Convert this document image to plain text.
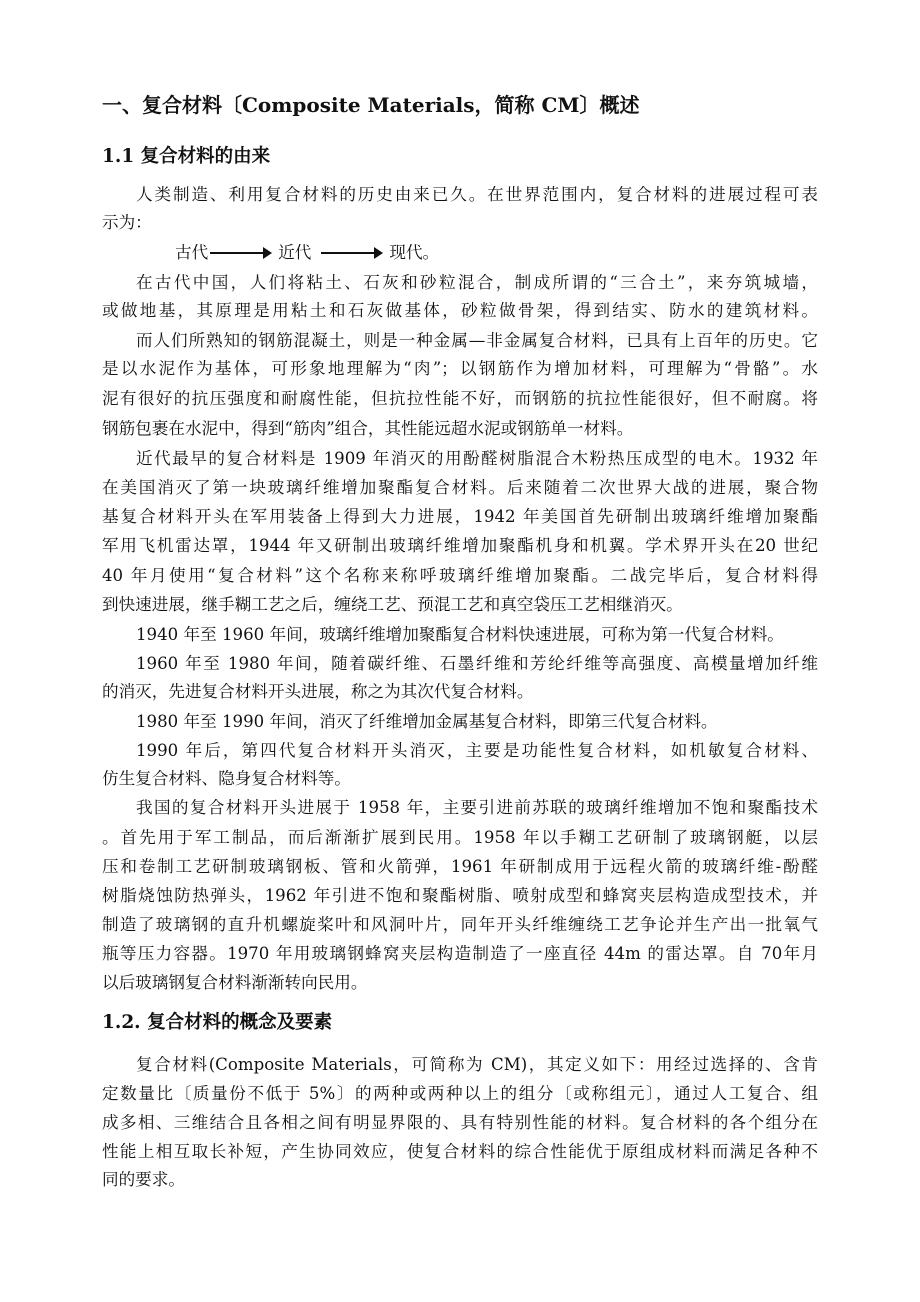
一、复合材料〔Composite Materials，简称 CM〕概述
1.1 复合材料的由来
人类制造、利用复合材料的历史由来已久。在世界范围内，复合材料的进展过程可表
示为：
古代	近代	现代。
在古代中国，人们将粘土、石灰和砂粒混合，制成所谓的“三合土”，来夯筑城墙，
或做地基，其原理是用粘土和石灰做基体，砂粒做骨架，得到结实、防水的建筑材料。
而人们所熟知的钢筋混凝土，则是一种金属—非金属复合材料，已具有上百年的历史。它
是以水泥作为基体，可形象地理解为“肉”；以钢筋作为增加材料，可理解为“骨骼”。水
泥有很好的抗压强度和耐腐性能，但抗拉性能不好，而钢筋的抗拉性能很好，但不耐腐。将
钢筋包裹在水泥中，得到“筋肉”组合，其性能远超水泥或钢筋单一材料。
近代最早的复合材料是 1909 年消灭的用酚醛树脂混合木粉热压成型的电木。1932 年
在美国消灭了第一块玻璃纤维增加聚酯复合材料。后来随着二次世界大战的进展，聚合物
基复合材料开头在军用装备上得到大力进展，1942 年美国首先研制出玻璃纤维增加聚酯
军用飞机雷达罩，1944 年又研制出玻璃纤维增加聚酯机身和机翼。学术界开头在20 世纪
40 年月使用“复合材料”这个名称来称呼玻璃纤维增加聚酯。二战完毕后，复合材料得
到快速进展，继手糊工艺之后，缠绕工艺、预混工艺和真空袋压工艺相继消灭。
1940 年至 1960 年间，玻璃纤维增加聚酯复合材料快速进展，可称为第一代复合材料。
1960 年至 1980 年间，随着碳纤维、石墨纤维和芳纶纤维等高强度、高模量增加纤维
的消灭，先进复合材料开头进展，称之为其次代复合材料。
1980 年至 1990 年间，消灭了纤维增加金属基复合材料，即第三代复合材料。
1990 年后，第四代复合材料开头消灭，主要是功能性复合材料，如机敏复合材料、
仿生复合材料、隐身复合材料等。
我国的复合材料开头进展于 1958 年，主要引进前苏联的玻璃纤维增加不饱和聚酯技术
。首先用于军工制品，而后渐渐扩展到民用。1958 年以手糊工艺研制了玻璃钢艇，以层
压和卷制工艺研制玻璃钢板、管和火箭弹，1961 年研制成用于远程火箭的玻璃纤维-酚醛
树脂烧蚀防热弹头，1962 年引进不饱和聚酯树脂、喷射成型和蜂窝夹层构造成型技术，并
制造了玻璃钢的直升机螺旋桨叶和风洞叶片，同年开头纤维缠绕工艺争论并生产出一批氧气
瓶等压力容器。1970 年用玻璃钢蜂窝夹层构造制造了一座直径 44m 的雷达罩。自 70年月
以后玻璃钢复合材料渐渐转向民用。
1.2. 复合材料的概念及要素
复合材料(Composite Materials，可简称为 CM)，其定义如下：用经过选择的、含肯
定数量比〔质量份不低于 5%〕的两种或两种以上的组分〔或称组元〕，通过人工复合、组
成多相、三维结合且各相之间有明显界限的、具有特别性能的材料。复合材料的各个组分在
性能上相互取长补短，产生协同效应，使复合材料的综合性能优于原组成材料而满足各种不
同的要求。
